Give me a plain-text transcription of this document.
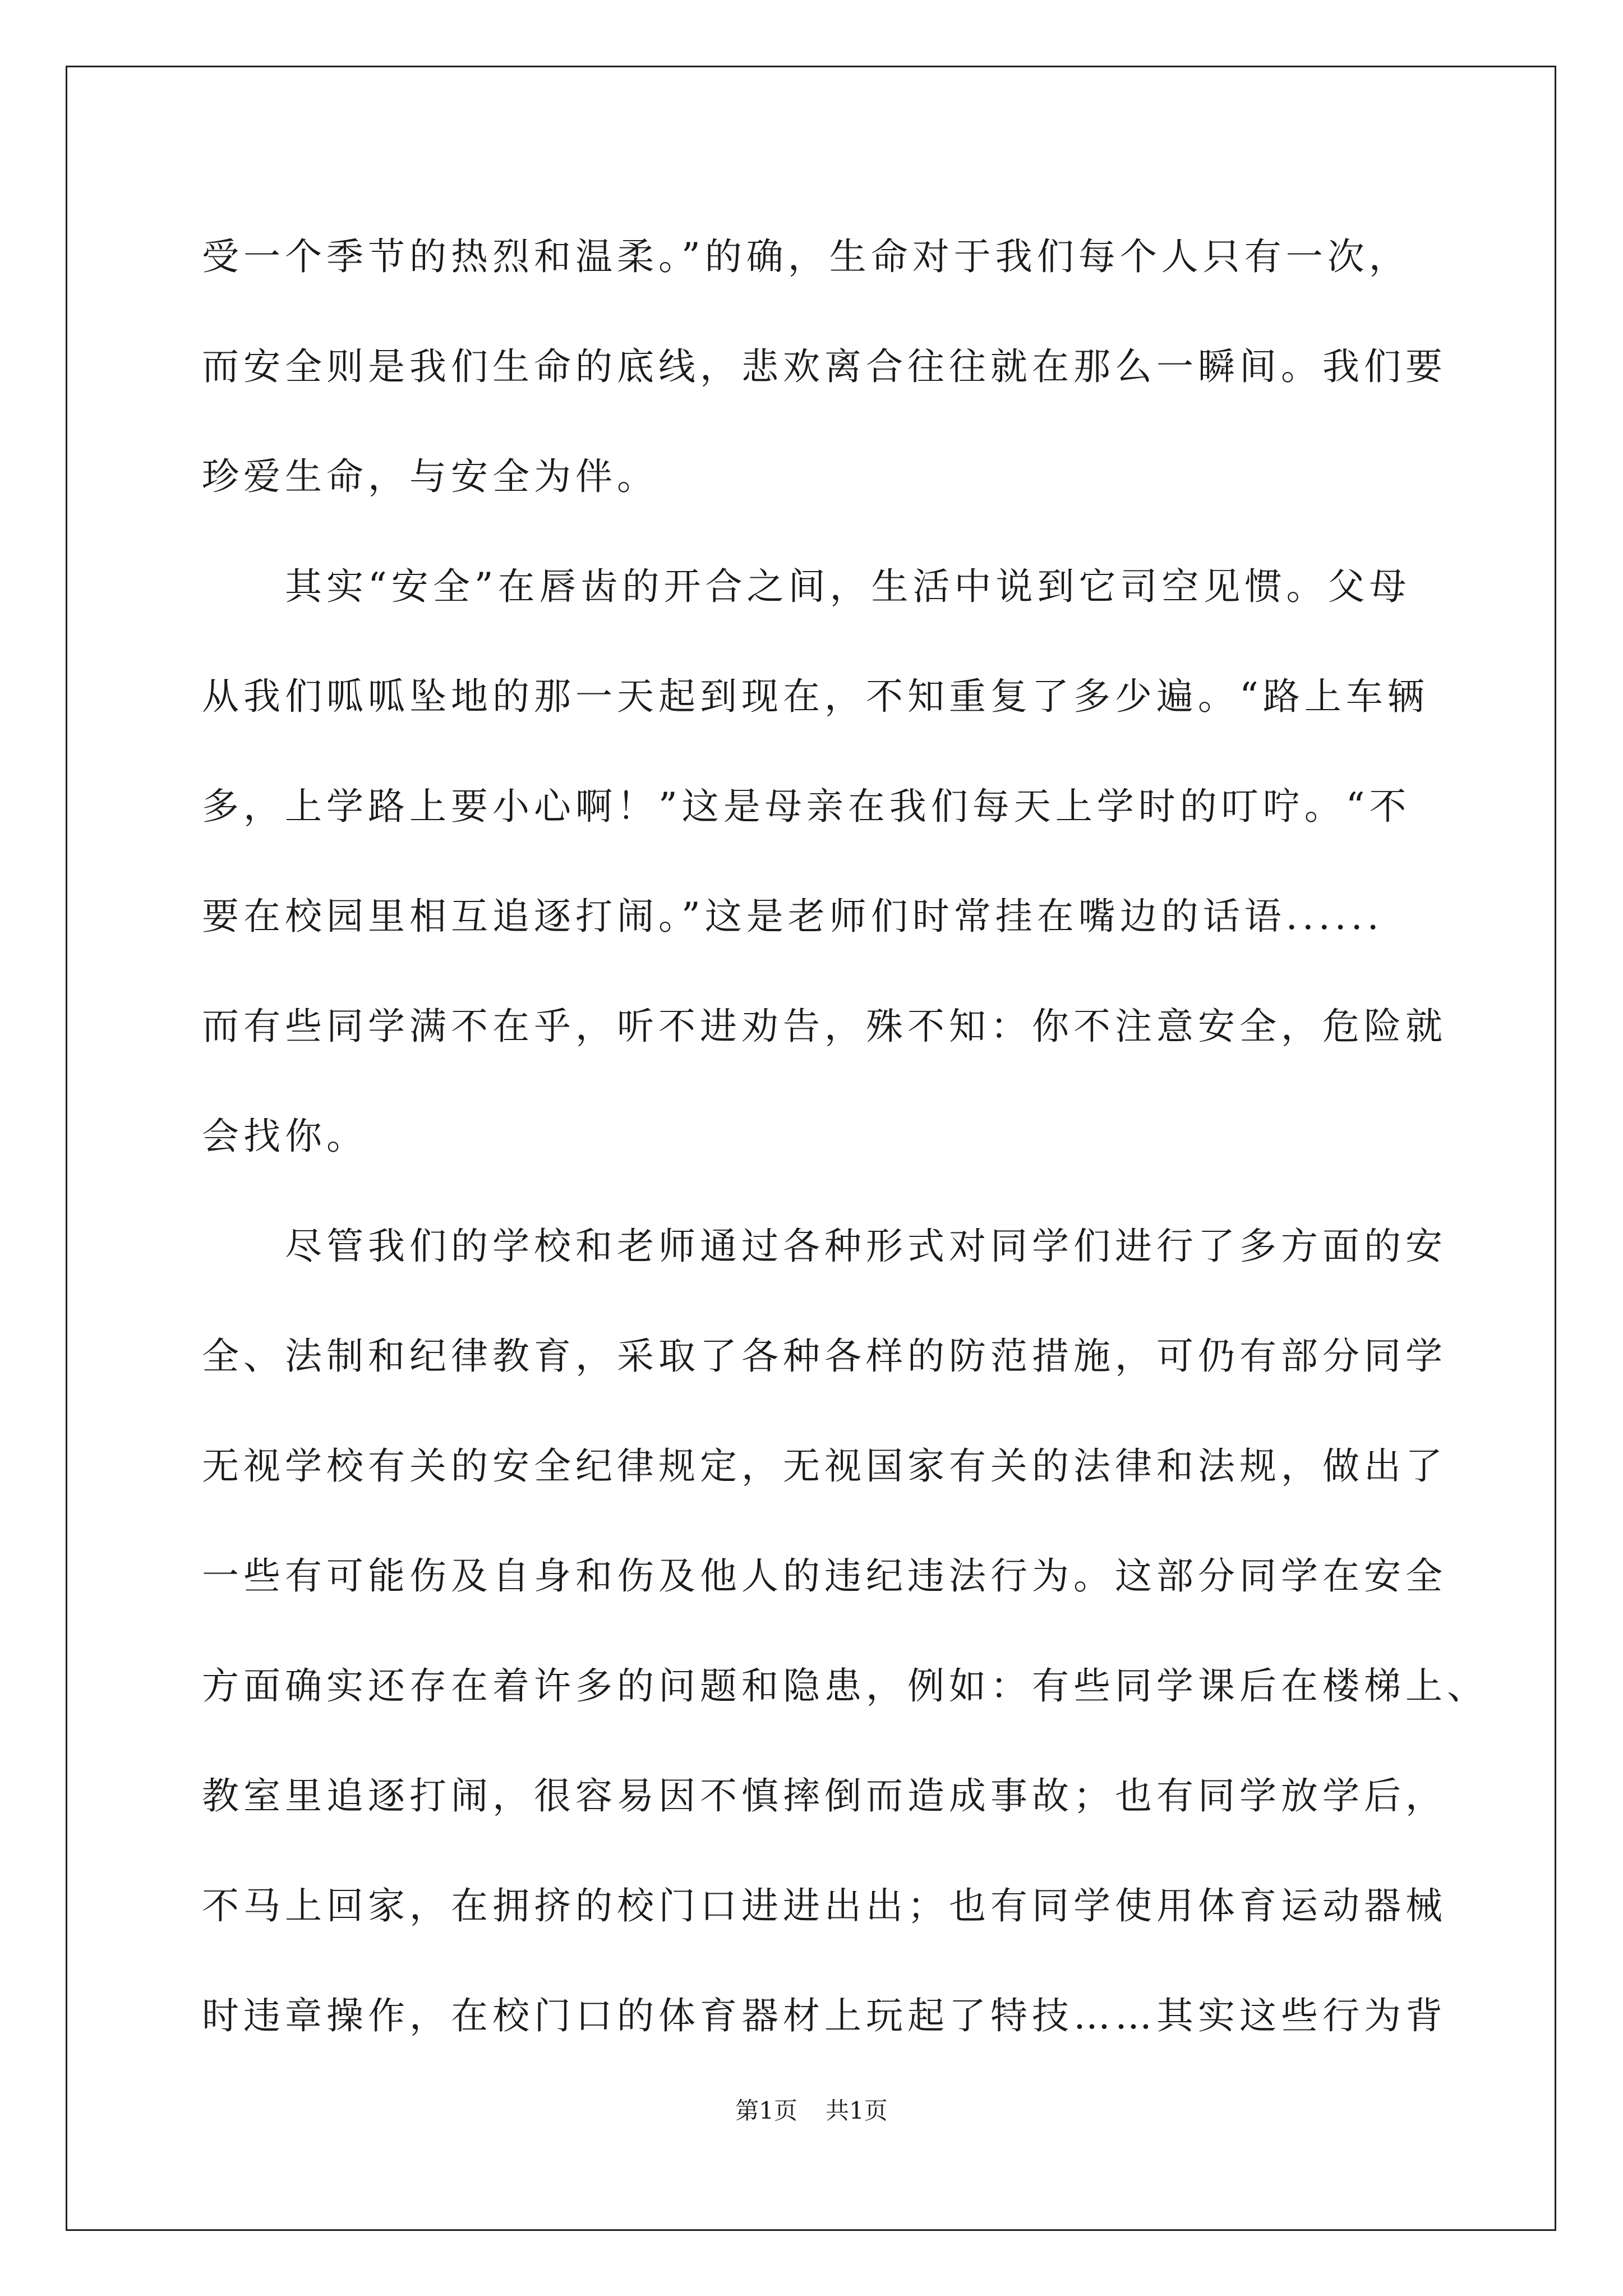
受一个季节的热烈和温柔。”的确，生命对于我们每个人只有一次，
而安全则是我们生命的底线，悲欢离合往往就在那么一瞬间。我们要
珍爱生命，与安全为伴。
　　其实“安全”在唇齿的开合之间，生活中说到它司空见惯。父母
从我们呱呱坠地的那一天起到现在，不知重复了多少遍。“路上车辆
多，上学路上要小心啊！”这是母亲在我们每天上学时的叮咛。“不
要在校园里相互追逐打闹。”这是老师们时常挂在嘴边的话语......
而有些同学满不在乎，听不进劝告，殊不知：你不注意安全，危险就
会找你。
　　尽管我们的学校和老师通过各种形式对同学们进行了多方面的安
全、法制和纪律教育，采取了各种各样的防范措施，可仍有部分同学
无视学校有关的安全纪律规定，无视国家有关的法律和法规，做出了
一些有可能伤及自身和伤及他人的违纪违法行为。这部分同学在安全
方面确实还存在着许多的问题和隐患，例如：有些同学课后在楼梯上、
教室里追逐打闹，很容易因不慎摔倒而造成事故；也有同学放学后，
不马上回家，在拥挤的校门口进进出出；也有同学使用体育运动器械
时违章操作，在校门口的体育器材上玩起了特技……其实这些行为背
第1页 共1页
